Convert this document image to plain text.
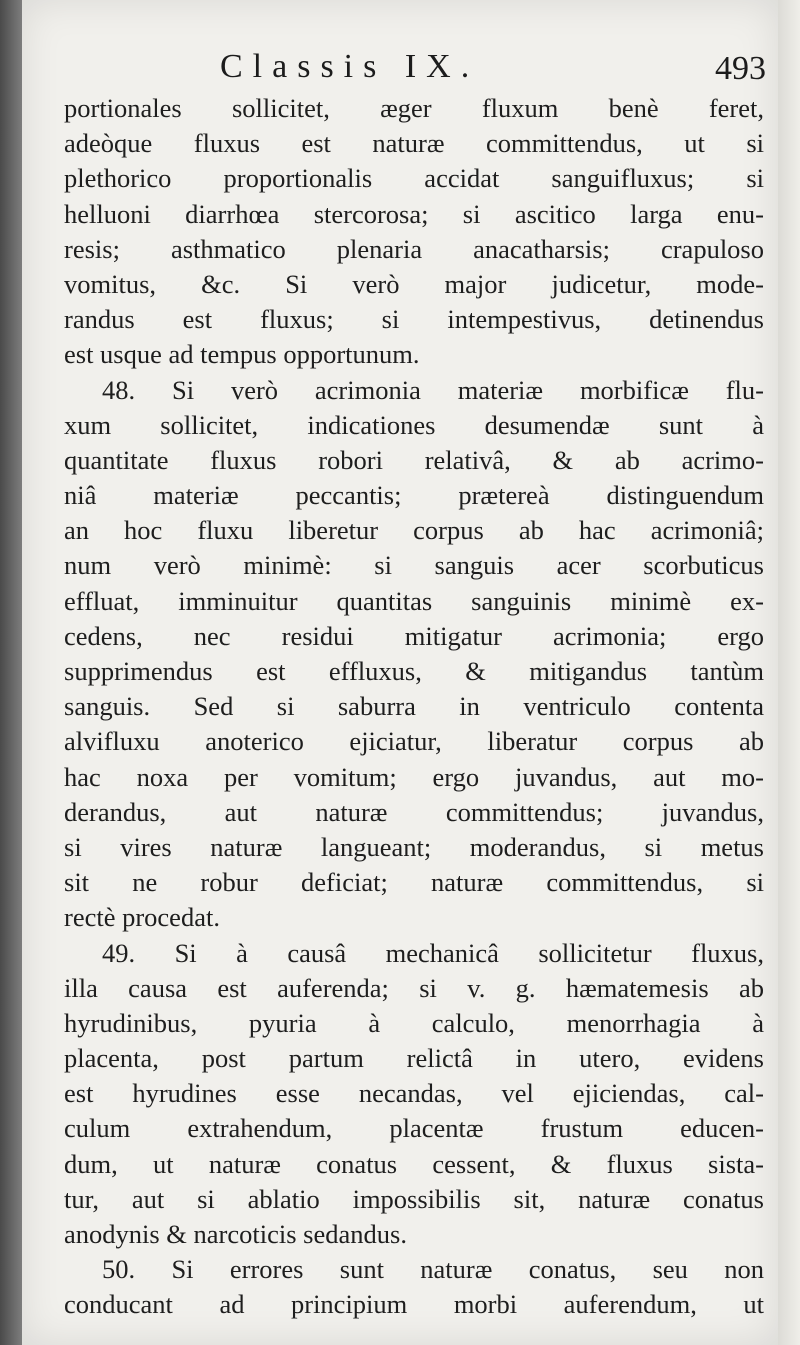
Classis IX.	493
portionales sollicitet, æger fluxum benè feret,
adeòque fluxus est naturæ committendus, ut si
plethorico proportionalis accidat sanguifluxus; si
helluoni diarrhœa stercorosa; si ascitico larga enu-
resis; asthmatico plenaria anacatharsis; crapuloso
vomitus, &c. Si verò major judicetur, mode-
randus est fluxus; si intempestivus, detinendus
est usque ad tempus opportunum.
48. Si verò acrimonia materiæ morbificæ flu-
xum sollicitet, indicationes desumendæ sunt à
quantitate fluxus robori relativâ, & ab acrimo-
niâ materiæ peccantis; prætereà distinguendum
an hoc fluxu liberetur corpus ab hac acrimoniâ;
num verò minimè: si sanguis acer scorbuticus
effluat, imminuitur quantitas sanguinis minimè ex-
cedens, nec residui mitigatur acrimonia; ergo
supprimendus est effluxus, & mitigandus tantùm
sanguis. Sed si saburra in ventriculo contenta
alvifluxu anoterico ejiciatur, liberatur corpus ab
hac noxa per vomitum; ergo juvandus, aut mo-
derandus, aut naturæ committendus; juvandus,
si vires naturæ langueant; moderandus, si metus
sit ne robur deficiat; naturæ committendus, si
rectè procedat.
49. Si à causâ mechanicâ sollicitetur fluxus,
illa causa est auferenda; si v. g. hæmatemesis ab
hyrudinibus, pyuria à calculo, menorrhagia à
placenta, post partum relictâ in utero, evidens
est hyrudines esse necandas, vel ejiciendas, cal-
culum extrahendum, placentæ frustum educen-
dum, ut naturæ conatus cessent, & fluxus sista-
tur, aut si ablatio impossibilis sit, naturæ conatus
anodynis & narcoticis sedandus.
50. Si errores sunt naturæ conatus, seu non
conducant ad principium morbi auferendum, ut
